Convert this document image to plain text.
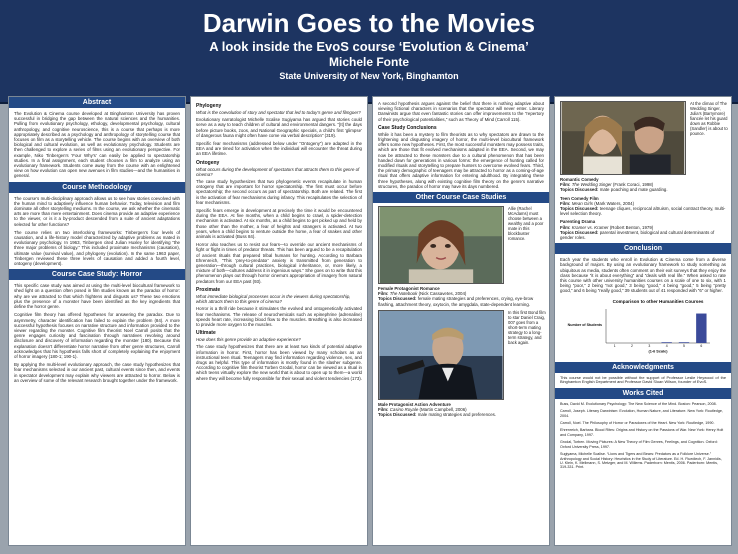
Darwin Goes to the Movies
A look inside the EvoS course ‘Evolution & Cinema’
Michele Fonte
State University of New York, Binghamton
Abstract

The Evolution & Cinema course developed at Binghamton University has proven successful in bridging the gap between the natural sciences and the humanities. Pulling from evolutionary psychology, ethology, developmental psychology, cultural anthropology, and cognitive neuroscience, this is a course that perhaps is more appropriately described as a psychology and anthropology of storytelling course that focuses on film as a storytelling vehicle. The course begins with an overview of both biological and cultural evolution, as well as evolutionary psychology. Students are then challenged to explore a series of films using an evolutionary perspective. For example, Niko Tinbergen’s ‘Four Why’s’ can easily be applied to spectatorship studies. In a final assignment, each student chooses a film to analyze using an evolutionary framework. Students come away from the course with an enlightened view on how evolution can open new avenues in film studies—and the humanities in general.

Course Methodology

The course’s multi-disciplinary approach allows us to see how stories coevolved with the human mind to adaptively influence human behavior. Today, television and film dominate all other storytelling mediums. In the course, we ask whether the cinematic arts are more than mere entertainment. Does cinema provide an adaptive experience to the viewer, or is it a by-product descended from a suite of ancient adaptations selected for other functions?

The course relies on two interlocking frameworks: Tinbergen’s four levels of causation, and a life-history model characterized by adaptive problems as mated in evolutionary psychology. In 1963, Tinbergen cited Julian Huxley for identifying “the three major problems of biology.” This included proximate mechanisms (causation), ultimate value (survival value), and phylogeny (evolution). In the same 1963 paper, Tinbergen reviewed these three levels of causation and added a fourth level, ontogeny (development).

Course Case Study: Horror

This specific case study was aimed at using the multi-level biocultural framework to shed light on a question often posed in film studies known as the paradox of horror: why are we attracted to that which frightens and disgusts us? These two emotions plus the presence of a monster have been identified as the key ingredients that define the horror genre.

Cognitive film theory has offered hypotheses for answering the paradox. Due to asymmetry, character identification has failed to explain the problem (84). A more successful hypothesis focuses on narrative structure and information provided to the viewer regarding the monster. Cognitive film theorist Noel Carroll posits that the genre engages curiosity and fascination through narratives revolving around disclosure and discovery of information regarding the monster (180). Because this explanation doesn’t differentiate horror narrative from other genre structures, Carroll acknowledges that his hypothesis falls short of completely explaining the enjoyment of horror imagery (180-1; 190-1).

By applying the multi-level evolutionary approach, the case study hypothesizes that fear mechanisms selected in our ancient past, cultural events since then, and events in spectator development may explain why viewers are attracted to horror. Below is an overview of some of the relevant research brought together under the framework.

Phylogeny
What is the coevolution of story and spectator that led to today’s genre and filmgoer?

Evolutionary narratologist Michelle Scalise Sugiyama has argued that stories could serve as a way to teach children of cultural and environmental dangers. “[It] the days before picture books, zoos, and National Geographic specials, a child’s first ‘glimpse’ of dangerous fauna might often have come via verbal description” (319).

Specific fear mechanisms (addressed below under “Ontogeny”) are adapted in the EEA and are timed for activation when the individual will encounter the threat during an EEA lifetime.

Ontogeny
What occurs during the development of spectators that attracts them to this genre of cinema?

The case study hypothesizes that two phylogenetic events recapitulate in human ontogeny that are important for horror spectatorship. The first must occur before spectatorship; the second occurs as part of spectatorship. Both are related. The first is the activation of fear mechanisms during infancy. This recapitulates the selection of fear mechanisms.

Specific fears emerge in development at precisely the time it would be encountered during the EEA. At five months, when a child begins to crawl, a spider-detection mechanism is activated. At six months, as a child begins to get picked up and held by those other than the mother, a fear of heights and strangers is activated. At two years, when a child begins to venture outside the home, a fear of snakes and other animals is activated (Buss 84).

Horror also teaches us to resist our fears—to override our ancient mechanisms of fight or flight in times of predator threats. This has been argued to be a recapitulation of ancient rituals that prepared tribal humans for hunting. According to Barbara Ehrenreich, “This ‘prey-to-predator’ anxiety is transmitted from generation to generation—through cultural practices, biological inheritance, or, more likely, a mixture of both—cultures address it in ingenious ways.” She goes on to write that this phenomenon plays out through horror cinema’s appropriation of imagery from natural predators from our EEA past (93).

Proximate
What immediate biological processes occur in the viewers during spectatorship, which attracts them to this genre of cinema?

Horror is a thrill ride because it stimulates the evolved and ontogenetically activated fear mechanisms. The release of neurochemicals such as epinephrine (adrenaline) speeds heart rate, increasing blood flow to the muscles. Breathing is also increased to provide more oxygen to the muscles.

Ultimate
How does this genre provide an adaptive experience?

The case study hypothesizes that there are at least two kinds of potential adaptive information in horror. First, horror has been viewed by many scholars as an instructional teen ritual. Teenagers may find information regarding violence, sex, and drugs as helpful. This type of information is mostly found in the slasher subgenre. According to cognitive film theorist Torben Grodal, horror can be viewed as a ritual in which teens virtually explore the new world that is about to open up to them—a world where they will become fully responsible for their sexual and violent tendencies (173).

A second hypothesis argues against the belief that there is nothing adaptive about viewing fictional characters in scenarios that the spectator will never enter. Literary Darwinists argue that even fantastic stories can offer improvements to the “repertory of their psychological potentialities,” such as Theory of Mind (Carroll 115).

Case Study Conclusions

While it has been a mystery to film theorists as to why spectators are drawn to the frightening and disgusting imagery of horror, the multi-level biocultural framework offers some new hypotheses. First, the most successful monsters may possess traits, which are those that fit evolved mechanisms adapted in the EEA. Second, we may now be attracted to these monsters due to a cultural phenomenon that has been handed down for generations in various forms: the emergence of hunting called for modified rituals and storytelling to prepare hunters to overcome evolved fears. Third, the primary demographic of teenagers may be attracted to horror as a coming-of-age ritual that offers adaptive information for entering adulthood. By integrating these three hypotheses, along with existing cognitive film theory on the genre’s narrative structures, the paradox of horror may have its days numbered.

Other Course Case Studies
Allie (Rachel McAdams) must choose between a wealthy and a poor mate in this blockbuster romance.
Female Protagonist Romance
Film: The Notebook (Nick Cassavetes, 2004)
Topics Discussed: female mating strategies and preferences, crying, eye-brow flashing, attachment theory, oxytocin, the amygdala, state-dependent learning.
In this first Bond film to star Daniel Craig, 007 goes from a short-term mating strategy to a long-term strategy, and back again.
Male Protagonist Action Adventure
Film: Casino Royale (Martin Campbell, 2006)
Topics Discussed: male mating strategies and preferences.
At the climax of The Wedding Singer, Julia’s (Barrymore) fiancée let his guard down as Robbie (Sandler) is about to pounce.
Romantic Comedy
Film: The Wedding Singer (Frank Coraci, 1998)
Topics Discussed: mate poaching and mate guarding.
Teen Comedy Film
Film: Mean Girls (Mark Waters, 2004)
Topics Discussed: teenage cliques, reciprocal altruism, social contract theory, multi-level selection theory.
Parenting Drama
Film: Kramer vs. Kramer (Robert Benton, 1979)
Topics Discussed: parental investment, biological and cultural determinants of gender roles.
Conclusion

Each year the students who enroll in Evolution & Cinema come from a diverse background of majors. By using an evolutionary framework to study something as ubiquitous as media, students often comment on their exit surveys that they enjoy the class because “it is about everything” and “deals with real life.” When asked to rate this course with other university humanities courses on a scale of one to six, with 1 being “poor,” 2 being “not good,” 3 being “good,” 4 being “good,” 5 being “pretty good,” and 6 being “really good,” 39 students out of 41 responded with “6” or higher.

Comparison to other Humanities Courses
Number of Students
1	2	3	4	5	6
(1-6 Scale)
Acknowledgments

This course would not be possible without the support of Professor Leslie Heywood of the Binghamton English Department and Professor David Sloan Wilson, founder of EvoS.

Works Cited

Buss, David M. Evolutionary Psychology: The New Science of the Mind. Boston: Pearson, 2008.

Carroll, Joseph. Literary Darwinism: Evolution, Human Nature, and Literature. New York: Routledge, 2004.

Carroll, Noel. The Philosophy of Horror or Paradoxes of the Heart. New York: Routledge, 1990.

Ehrenreich, Barbara. Blood Rites: Origins and History on the Passions of War. New York: Henry Holt and Company, 1997.

Grodal, Torben. Moving Pictures: A New Theory of Film Genres, Feelings, and Cognition. Oxford: Oxford University Press, 1997.

Sugiyama, Michelle Scalise. “Lions and Tigers and Bears: Predators as a Folklore Universe.” Anthropology and Social History: Heuristics in the Study of Literature. Ed. H. Fluediech, F. Jannidis, U. Klein, K. Mellmann, S. Metzger, and M. Willems. Paderborn: Mentis, 2006. Paderborn: Mentis, 319-331. Print.
